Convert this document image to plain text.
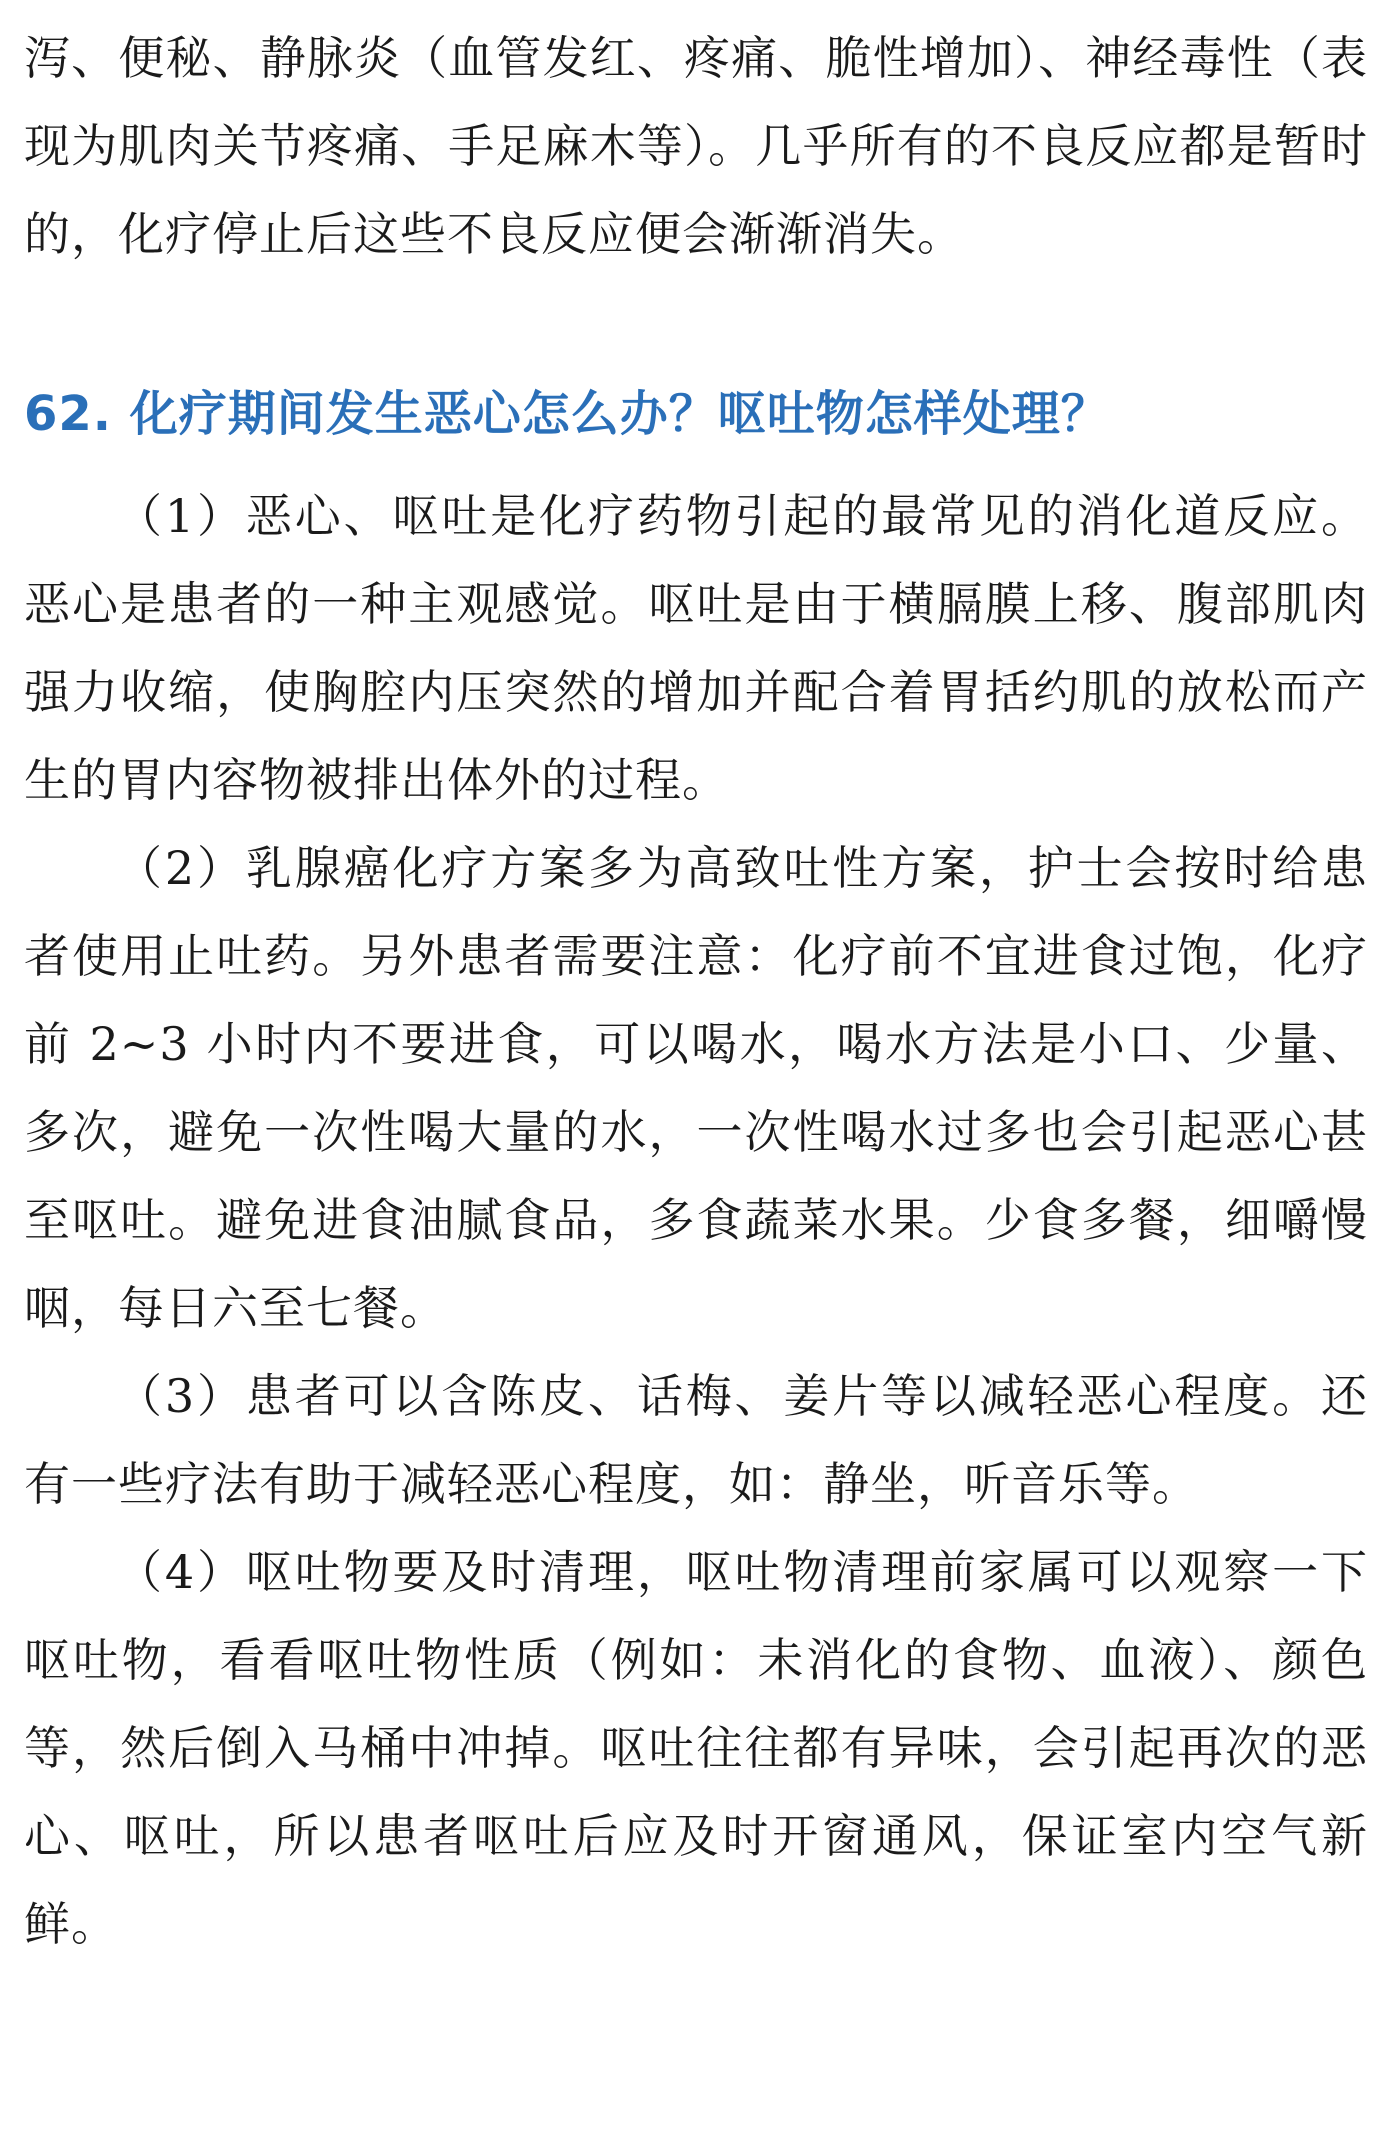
泻、便秘、静脉炎（血管发红、疼痛、脆性增加）、神经毒性（表现为肌肉关节疼痛、手足麻木等）。几乎所有的不良反应都是暂时的，化疗停止后这些不良反应便会渐渐消失。

62. 化疗期间发生恶心怎么办？呕吐物怎样处理？

（1）恶心、呕吐是化疗药物引起的最常见的消化道反应。恶心是患者的一种主观感觉。呕吐是由于横膈膜上移、腹部肌肉强力收缩，使胸腔内压突然的增加并配合着胃括约肌的放松而产生的胃内容物被排出体外的过程。

（2）乳腺癌化疗方案多为高致吐性方案，护士会按时给患者使用止吐药。另外患者需要注意：化疗前不宜进食过饱，化疗前 2~3 小时内不要进食，可以喝水，喝水方法是小口、少量、多次，避免一次性喝大量的水，一次性喝水过多也会引起恶心甚至呕吐。避免进食油腻食品，多食蔬菜水果。少食多餐，细嚼慢咽，每日六至七餐。

（3）患者可以含陈皮、话梅、姜片等以减轻恶心程度。还有一些疗法有助于减轻恶心程度，如：静坐，听音乐等。

（4）呕吐物要及时清理，呕吐物清理前家属可以观察一下呕吐物，看看呕吐物性质（例如：未消化的食物、血液）、颜色等，然后倒入马桶中冲掉。呕吐往往都有异味，会引起再次的恶心、呕吐，所以患者呕吐后应及时开窗通风，保证室内空气新鲜。
